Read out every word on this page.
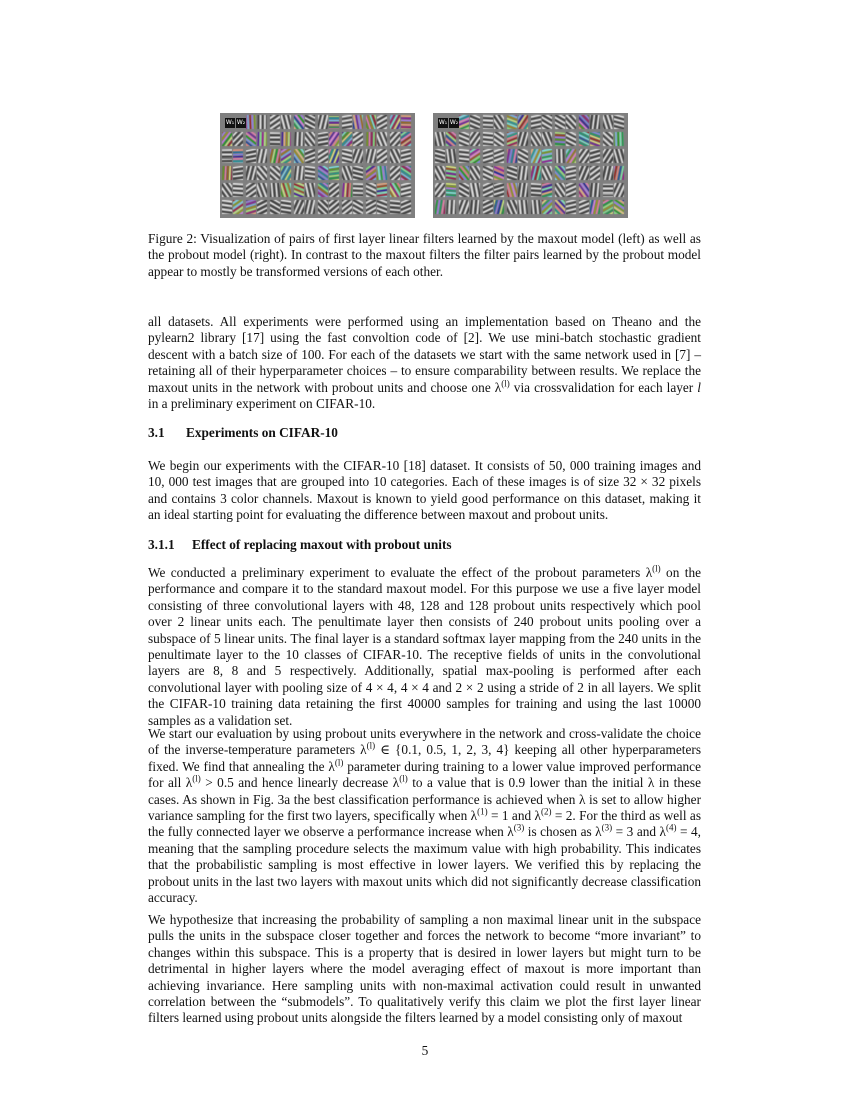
W₁ W₂	W₁ W₂
Figure 2: Visualization of pairs of first layer linear filters learned by the maxout model (left) as well as the probout model (right). In contrast to the maxout filters the filter pairs learned by the probout model appear to mostly be transformed versions of each other.

all datasets. All experiments were performed using an implementation based on Theano and the pylearn2 library [17] using the fast convoltion code of [2]. We use mini-batch stochastic gradient descent with a batch size of 100. For each of the datasets we start with the same network used in [7] – retaining all of their hyperparameter choices – to ensure comparability between results. We replace the maxout units in the network with probout units and choose one $\lambda^{(l)}$ via crossvalidation for each layer l in a preliminary experiment on CIFAR-10.

3.1 Experiments on CIFAR-10

We begin our experiments with the CIFAR-10 [18] dataset. It consists of 50, 000 training images and 10, 000 test images that are grouped into 10 categories. Each of these images is of size 32 × 32 pixels and contains 3 color channels. Maxout is known to yield good performance on this dataset, making it an ideal starting point for evaluating the difference between maxout and probout units.

3.1.1 Effect of replacing maxout with probout units

We conducted a preliminary experiment to evaluate the effect of the probout parameters $\lambda^{(l)}$ on the performance and compare it to the standard maxout model. For this purpose we use a five layer model consisting of three convolutional layers with 48, 128 and 128 probout units respectively which pool over 2 linear units each. The penultimate layer then consists of 240 probout units pooling over a subspace of 5 linear units. The final layer is a standard softmax layer mapping from the 240 units in the penultimate layer to the 10 classes of CIFAR-10. The receptive fields of units in the convolutional layers are 8, 8 and 5 respectively. Additionally, spatial max-pooling is performed after each convolutional layer with pooling size of 4 × 4, 4 × 4 and 2 × 2 using a stride of 2 in all layers. We split the CIFAR-10 training data retaining the first 40000 samples for training and using the last 10000 samples as a validation set.

We start our evaluation by using probout units everywhere in the network and cross-validate the choice of the inverse-temperature parameters $\lambda^{(l)}$ ∈ {0.1, 0.5, 1, 2, 3, 4} keeping all other hyperparameters fixed. We find that annealing the $\lambda^{(l)}$ parameter during training to a lower value improved performance for all $\lambda^{(l)} > 0.5$ and hence linearly decrease $\lambda^{(l)}$ to a value that is 0.9 lower than the initial λ in these cases. As shown in Fig. 3a the best classification performance is achieved when λ is set to allow higher variance sampling for the first two layers, specifically when $\lambda^{(1)} = 1$ and $\lambda^{(2)} = 2$. For the third as well as the fully connected layer we observe a performance increase when $\lambda^{(3)}$ is chosen as $\lambda^{(3)} = 3$ and $\lambda^{(4)} = 4$, meaning that the sampling procedure selects the maximum value with high probability. This indicates that the probabilistic sampling is most effective in lower layers. We verified this by replacing the probout units in the last two layers with maxout units which did not significantly decrease classification accuracy.

We hypothesize that increasing the probability of sampling a non maximal linear unit in the subspace pulls the units in the subspace closer together and forces the network to become “more invariant” to changes within this subspace. This is a property that is desired in lower layers but might turn to be detrimental in higher layers where the model averaging effect of maxout is more important than achieving invariance. Here sampling units with non-maximal activation could result in unwanted correlation between the “submodels”. To qualitatively verify this claim we plot the first layer linear filters learned using probout units alongside the filters learned by a model consisting only of maxout

5
